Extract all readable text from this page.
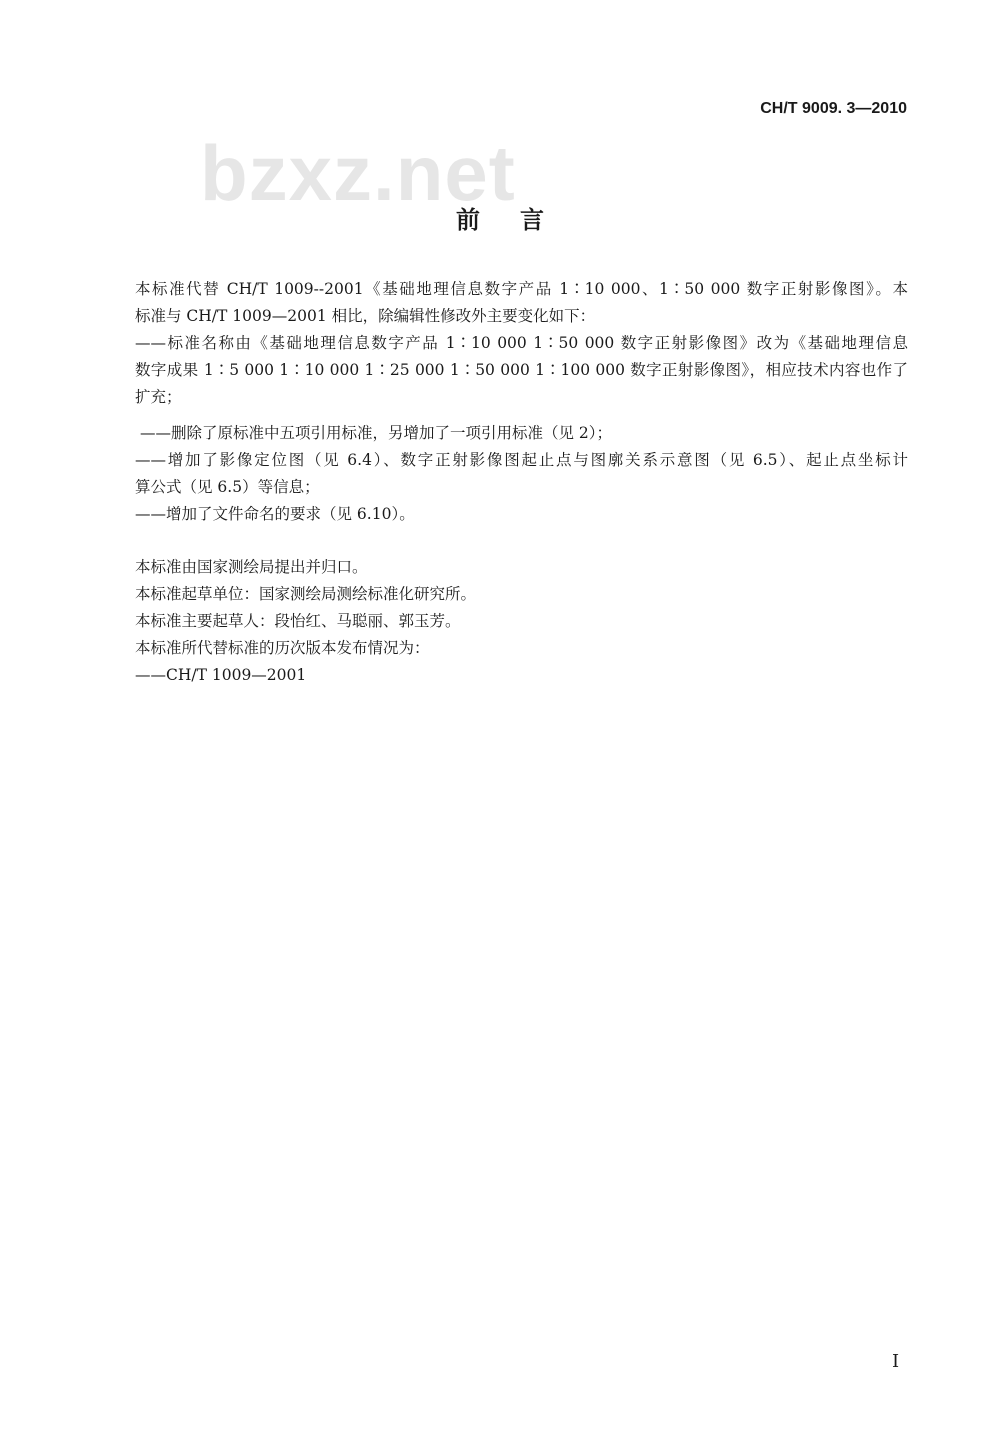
CH/T 9009. 3—2010
bzxz.net
前言
本标准代替 CH/T 1009--2001《基础地理信息数字产品 1∶10 000、1∶50 000 数字正射影像图》。本
标准与 CH/T 1009—2001 相比，除编辑性修改外主要变化如下：
——标准名称由《基础地理信息数字产品 1∶10 000 1∶50 000 数字正射影像图》改为《基础地理信息
数字成果 1∶5 000 1∶10 000 1∶25 000 1∶50 000 1∶100 000 数字正射影像图》，相应技术内容也作了
扩充；
——删除了原标准中五项引用标准，另增加了一项引用标准（见 2）；
——增加了影像定位图（见 6.4）、数字正射影像图起止点与图廓关系示意图（见 6.5）、起止点坐标计
算公式（见 6.5）等信息；
——增加了文件命名的要求（见 6.10）。
本标准由国家测绘局提出并归口。
本标准起草单位：国家测绘局测绘标准化研究所。
本标准主要起草人：段怡红、马聪丽、郭玉芳。
本标准所代替标准的历次版本发布情况为：
——CH/T 1009—2001
I
